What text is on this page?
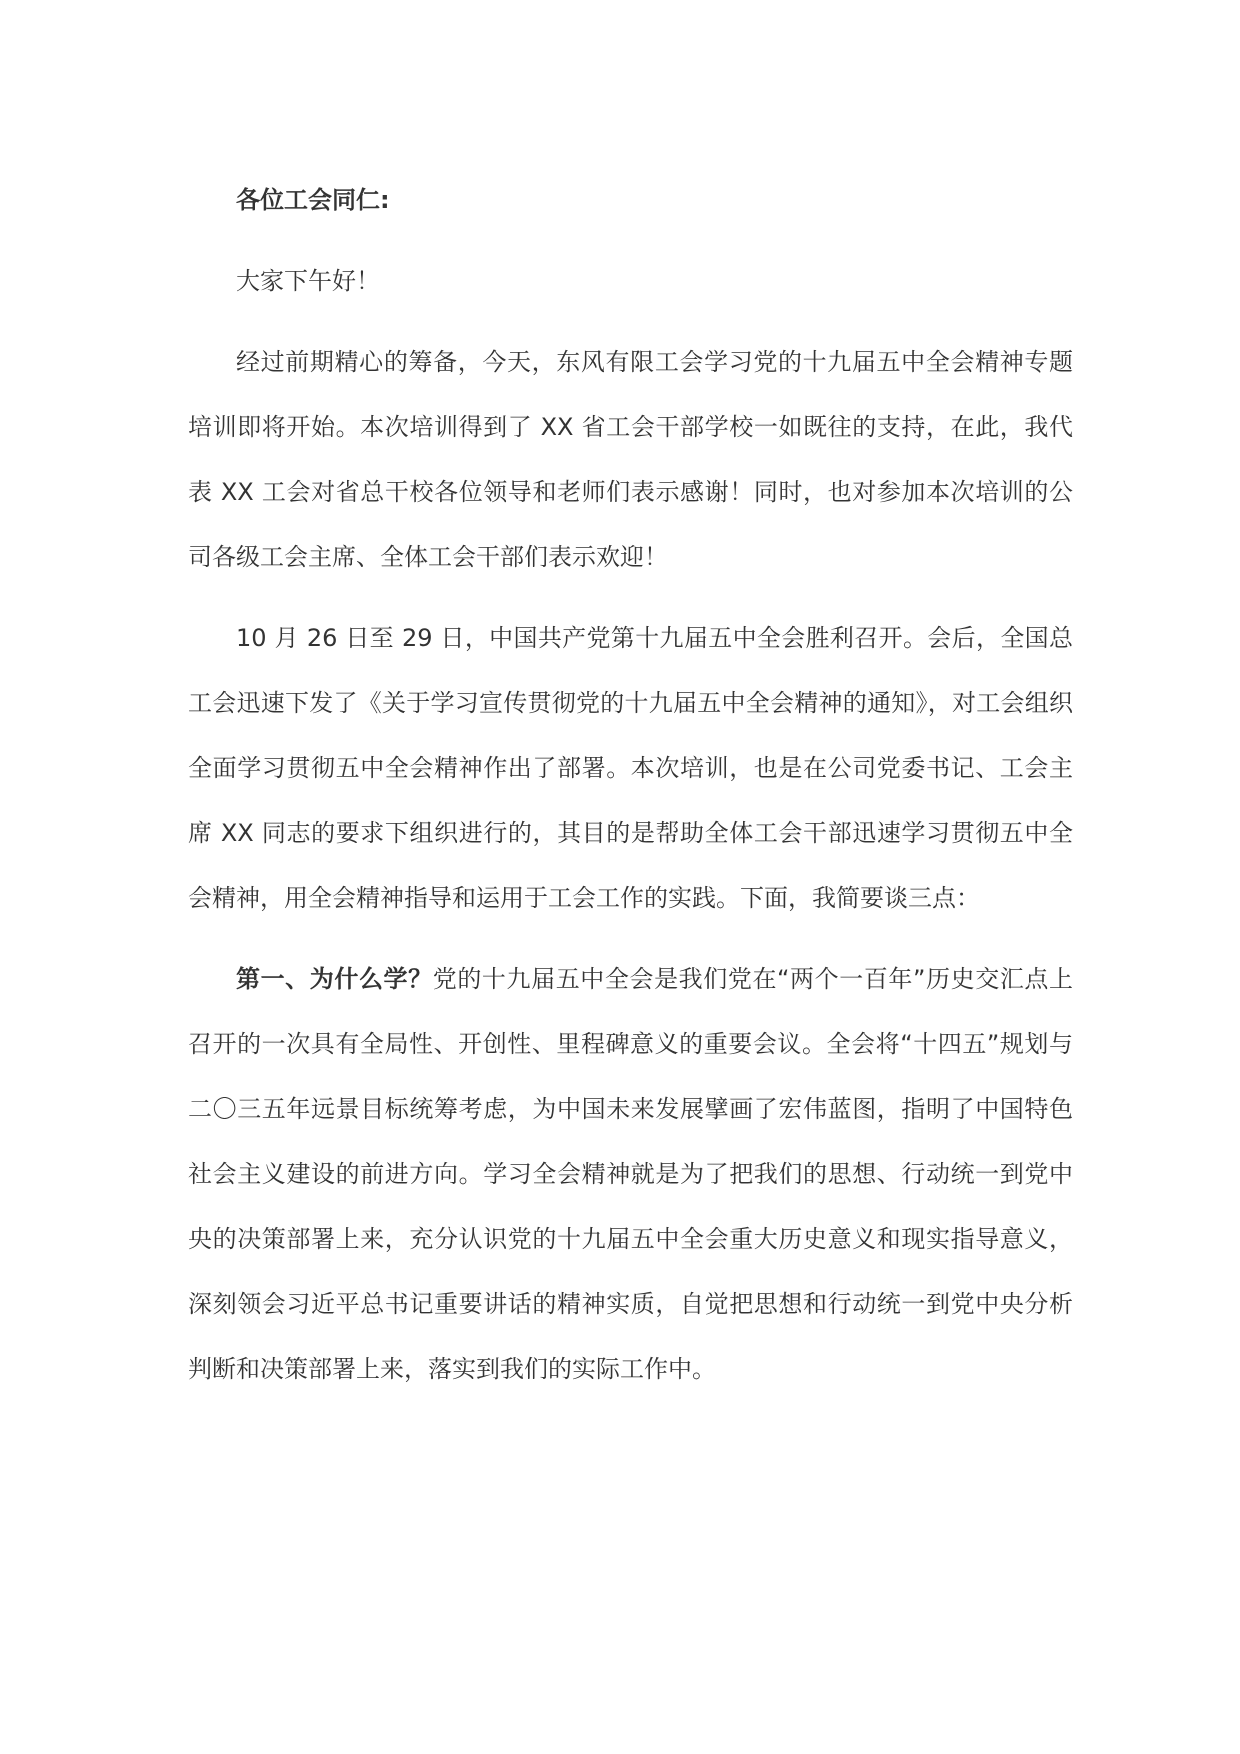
各位工会同仁:

大家下午好！

经过前期精心的筹备，今天，东风有限工会学习党的十九届五中全会精神专题培训即将开始。本次培训得到了 XX 省工会干部学校一如既往的支持，在此，我代表 XX 工会对省总干校各位领导和老师们表示感谢！同时，也对参加本次培训的公司各级工会主席、全体工会干部们表示欢迎！

10 月 26 日至 29 日，中国共产党第十九届五中全会胜利召开。会后，全国总工会迅速下发了《关于学习宣传贯彻党的十九届五中全会精神的通知》，对工会组织全面学习贯彻五中全会精神作出了部署。本次培训，也是在公司党委书记、工会主席 XX 同志的要求下组织进行的，其目的是帮助全体工会干部迅速学习贯彻五中全会精神，用全会精神指导和运用于工会工作的实践。下面，我简要谈三点：

第一、为什么学？党的十九届五中全会是我们党在“两个一百年”历史交汇点上召开的一次具有全局性、开创性、里程碑意义的重要会议。全会将“十四五”规划与二〇三五年远景目标统筹考虑，为中国未来发展擘画了宏伟蓝图，指明了中国特色社会主义建设的前进方向。学习全会精神就是为了把我们的思想、行动统一到党中央的决策部署上来，充分认识党的十九届五中全会重大历史意义和现实指导意义，深刻领会习近平总书记重要讲话的精神实质，自觉把思想和行动统一到党中央分析判断和决策部署上来，落实到我们的实际工作中。
